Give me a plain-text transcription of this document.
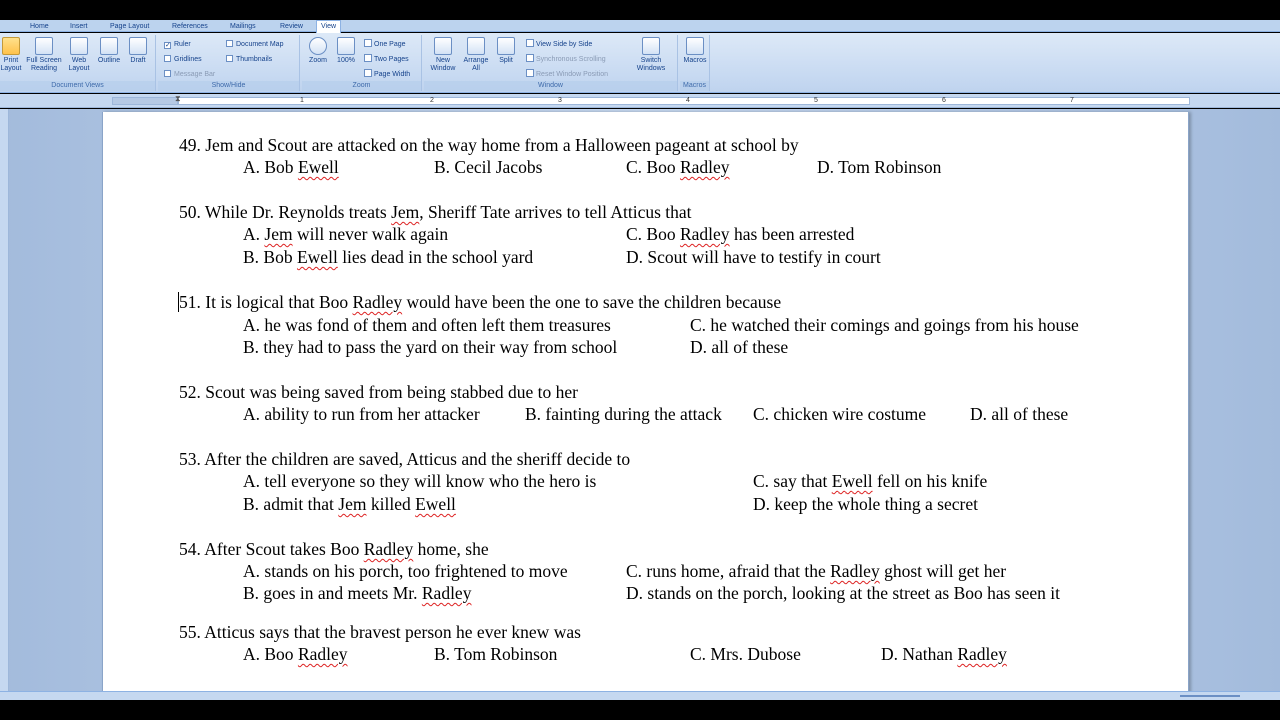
Home	Insert	Page Layout	References	Mailings	Review	View
Print Layout
Full Screen Reading
Web Layout
Outline	Draft
Document Views
✓ Ruler
Gridlines
Message Bar
Document Map
Thumbnails
Show/Hide
Zoom	100%
One Page
Two Pages
Page Width
Zoom
New Window
Arrange All
Split
View Side by Side
Synchronous Scrolling
Reset Window Position
Switch Windows
Window
Macros
Macros
⧗	1	2	3	4	5	6	7
49. Jem and Scout are attacked on the way home from a Halloween pageant at school by
A. Bob Ewell	B. Cecil Jacobs	C. Boo Radley	D. Tom Robinson
50. While Dr. Reynolds treats Jem, Sheriff Tate arrives to tell Atticus that
A. Jem will never walk again	C. Boo Radley has been arrested
B. Bob Ewell lies dead in the school yard	D. Scout will have to testify in court
51. It is logical that Boo Radley would have been the one to save the children because
A. he was fond of them and often left them treasures	C. he watched their comings and goings from his house
B. they had to pass the yard on their way from school	D. all of these
52. Scout was being saved from being stabbed due to her
A. ability to run from her attacker	B. fainting during the attack C. chicken wire costume	D. all of these
53. After the children are saved, Atticus and the sheriff decide to
A. tell everyone so they will know who the hero is	C. say that Ewell fell on his knife
B. admit that Jem killed Ewell	D. keep the whole thing a secret
54. After Scout takes Boo Radley home, she
A. stands on his porch, too frightened to move	C. runs home, afraid that the Radley ghost will get her
B. goes in and meets Mr. Radley	D. stands on the porch, looking at the street as Boo has seen it
55. Atticus says that the bravest person he ever knew was
A. Boo Radley	B. Tom Robinson	C. Mrs. Dubose	D. Nathan Radley
